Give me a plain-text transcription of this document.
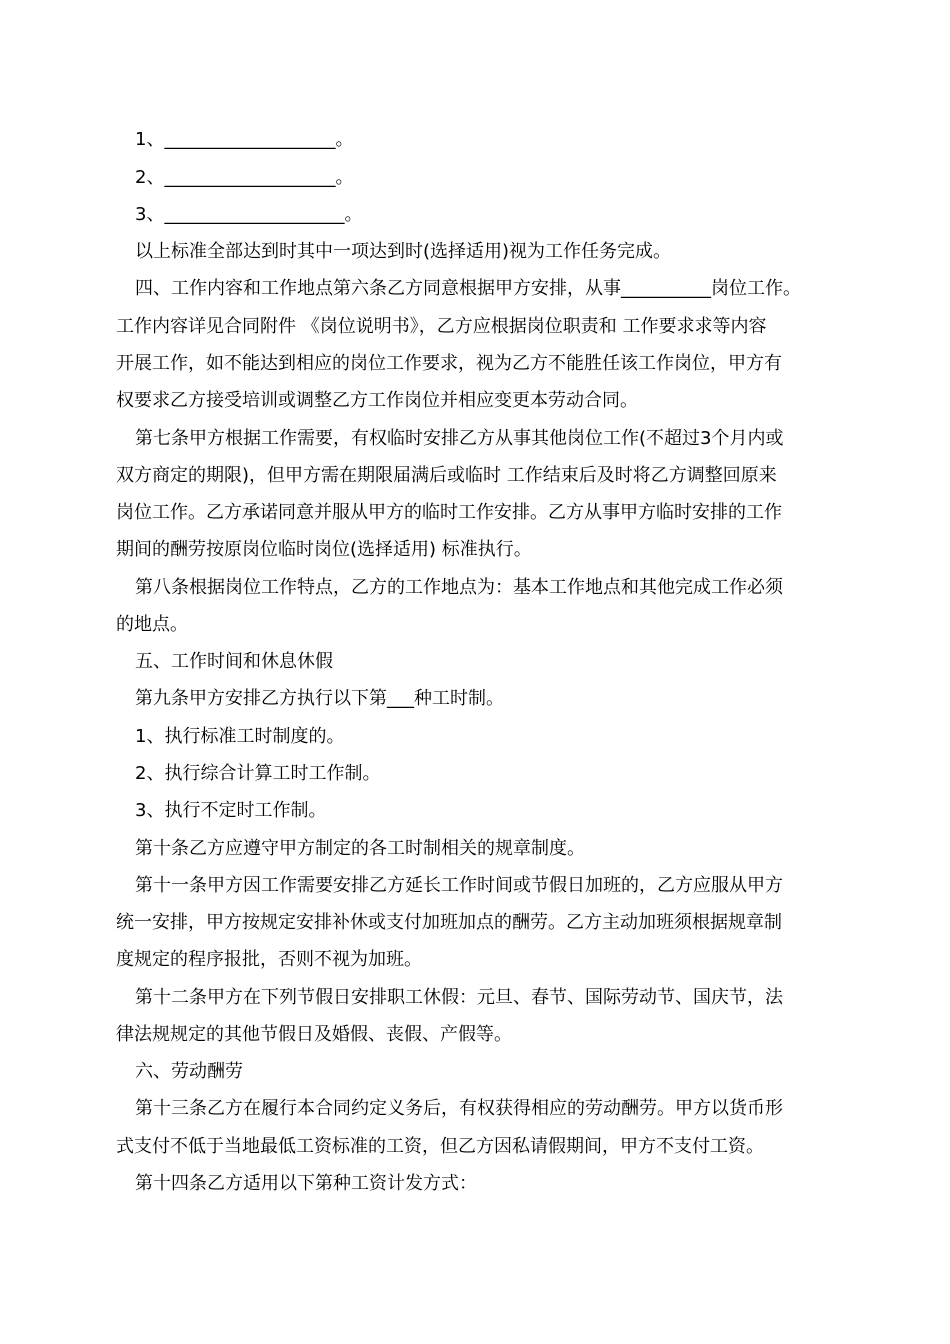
1、___________________。
2、___________________。
3、____________________。
以上标准全部达到时其中一项达到时(选择适用)视为工作任务完成。
四、工作内容和工作地点第六条乙方同意根据甲方安排，从事__________岗位工作。
工作内容详见合同附件 《岗位说明书》，乙方应根据岗位职责和 工作要求求等内容
开展工作，如不能达到相应的岗位工作要求，视为乙方不能胜任该工作岗位，甲方有
权要求乙方接受培训或调整乙方工作岗位并相应变更本劳动合同。
第七条甲方根据工作需要，有权临时安排乙方从事其他岗位工作(不超过3个月内或
双方商定的期限)，但甲方需在期限届满后或临时 工作结束后及时将乙方调整回原来
岗位工作。乙方承诺同意并服从甲方的临时工作安排。乙方从事甲方临时安排的工作
期间的酬劳按原岗位临时岗位(选择适用) 标准执行。
第八条根据岗位工作特点，乙方的工作地点为：基本工作地点和其他完成工作必须
的地点。
五、工作时间和休息休假
第九条甲方安排乙方执行以下第___种工时制。
1、执行标准工时制度的。
2、执行综合计算工时工作制。
3、执行不定时工作制。
第十条乙方应遵守甲方制定的各工时制相关的规章制度。
第十一条甲方因工作需要安排乙方延长工作时间或节假日加班的，乙方应服从甲方
统一安排，甲方按规定安排补休或支付加班加点的酬劳。乙方主动加班须根据规章制
度规定的程序报批，否则不视为加班。
第十二条甲方在下列节假日安排职工休假：元旦、春节、国际劳动节、国庆节，法
律法规规定的其他节假日及婚假、丧假、产假等。
六、劳动酬劳
第十三条乙方在履行本合同约定义务后，有权获得相应的劳动酬劳。甲方以货币形
式支付不低于当地最低工资标准的工资，但乙方因私请假期间，甲方不支付工资。
第十四条乙方适用以下第种工资计发方式：
